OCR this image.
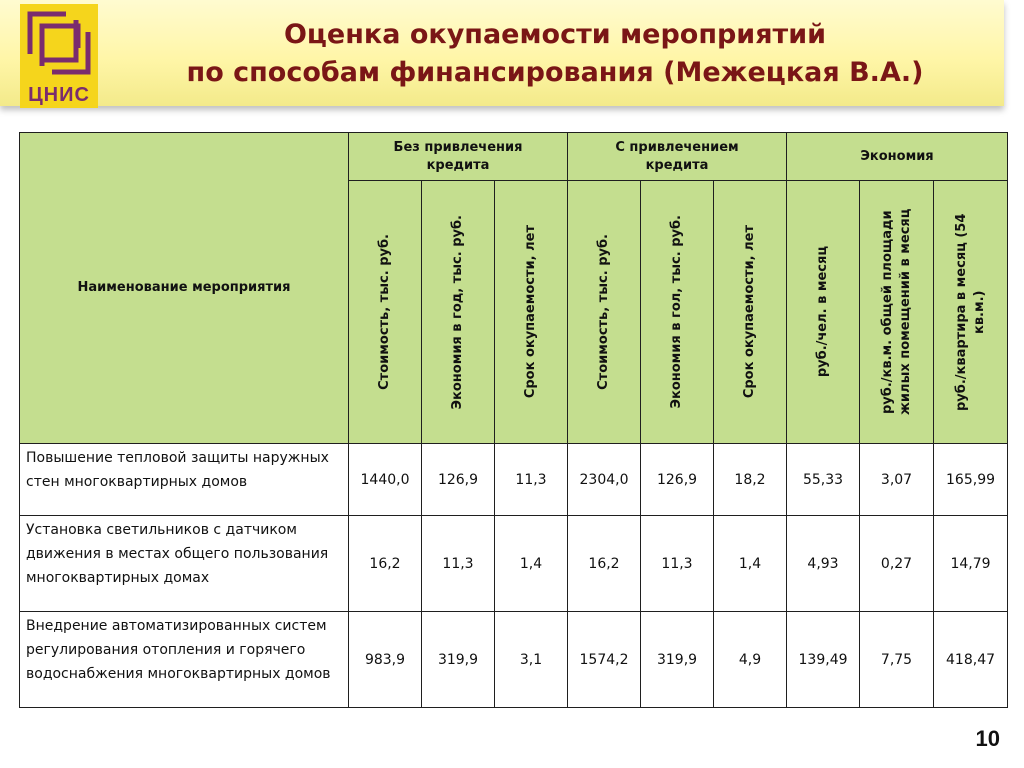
ЦНИС
Оценка окупаемости мероприятий
по способам финансирования (Межецкая В.А.)
Наименование мероприятия	Без привлечения кредита			С привлечением кредита			Экономия		

	Стоимость, тыс. руб.	Экономия в год, тыс. руб.	Срок окупаемости, лет	Стоимость, тыс. руб.	Экономия в гол, тыс. руб.	Срок окупаемости, лет	руб./чел. в месяц	руб./кв.м. общей площади жилых помещений в месяц	руб./квартира в месяц (54 кв.м.)

Повышение тепловой защиты наружных стен многоквартирных домов	1440,0	126,9	11,3	2304,0	126,9	18,2	55,33	3,07	165,99
Установка светильников с датчиком движения в местах общего пользования многоквартирных домах	16,2	11,3	1,4	16,2	11,3	1,4	4,93	0,27	14,79
Внедрение автоматизированных систем регулирования отопления и горячего водоснабжения многоквартирных домов	983,9	319,9	3,1	1574,2	319,9	4,9	139,49	7,75	418,47
10
